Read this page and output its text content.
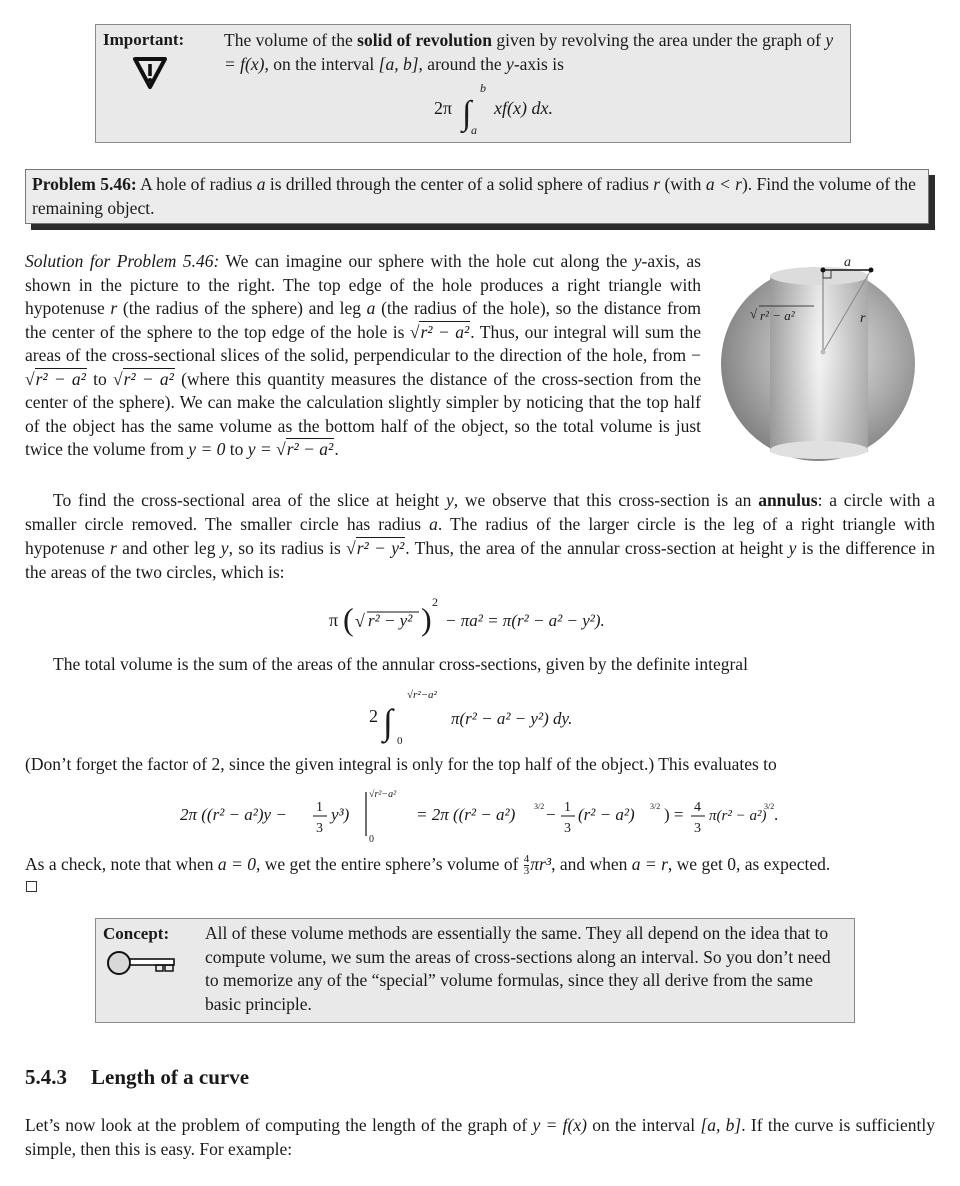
Important:	The volume of the solid of revolution given by revolving the area under the graph of y = f(x), on the interval [a, b], around the y-axis is
2π ∫
b
a
xf(x) dx.
Problem 5.46: A hole of radius a is drilled through the center of a solid sphere of radius r (with a < r). Find the volume of the remaining object.
Solution for Problem 5.46: We can imagine our sphere with the hole cut along the y-axis, as shown in the picture to the right. The top edge of the hole produces a right triangle with hypotenuse r (the radius of the sphere) and leg a (the radius of the hole), so the distance from the center of the sphere to the top edge of the hole is √r² − a². Thus, our integral will sum the areas of the cross-sectional slices of the solid, perpendicular to the direction of the hole, from − √r² − a² to √r² − a² (where this quantity measures the distance of the cross-section from the center of the sphere). We can make the calculation slightly simpler by noticing that the top half of the object has the same volume as the bottom half of the object, so the total volume is just twice the volume from y = 0 to y = √r² − a².
a
r
√ r² − a²
To find the cross-sectional area of the slice at height y, we observe that this cross-section is an annulus: a circle with a smaller circle removed. The smaller circle has radius a. The radius of the larger circle is the leg of a right triangle with hypotenuse r and other leg y, so its radius is √r² − y². Thus, the area of the annular cross-section at height y is the difference in the areas of the two circles, which is:
π ( √ r² − y² ) 2
− πa² = π(r² − a² − y²).
The total volume is the sum of the areas of the annular cross-sections, given by the definite integral
2 ∫
√r²−a²
0
π(r² − a² − y²) dy.
(Don’t forget the factor of 2, since the given integral is only for the top half of the object.) This evaluates to
2π ((r² − a²)y − 1
3
y³)
√r²−a²
0
= 2π ((r² − a²) 3/2 − 1
3
(r² − a²) 3/2 ) = 4
3
π(r² − a²)
3/2 .
As a check, note that when a = 0, we get the entire sphere’s volume of $\frac{4}{3} \pi r^3$, and when a = r, we get 0, as expected.
Concept:	All of these volume methods are essentially the same. They all depend on the idea that to compute volume, we sum the areas of cross-sections along an interval. So you don’t need to memorize any of the “special” volume formulas, since they all derive from the same basic principle.
5.4.3 Length of a curve
Let’s now look at the problem of computing the length of the graph of y = f(x) on the interval [a, b]. If the curve is sufficiently simple, then this is easy. For example:
